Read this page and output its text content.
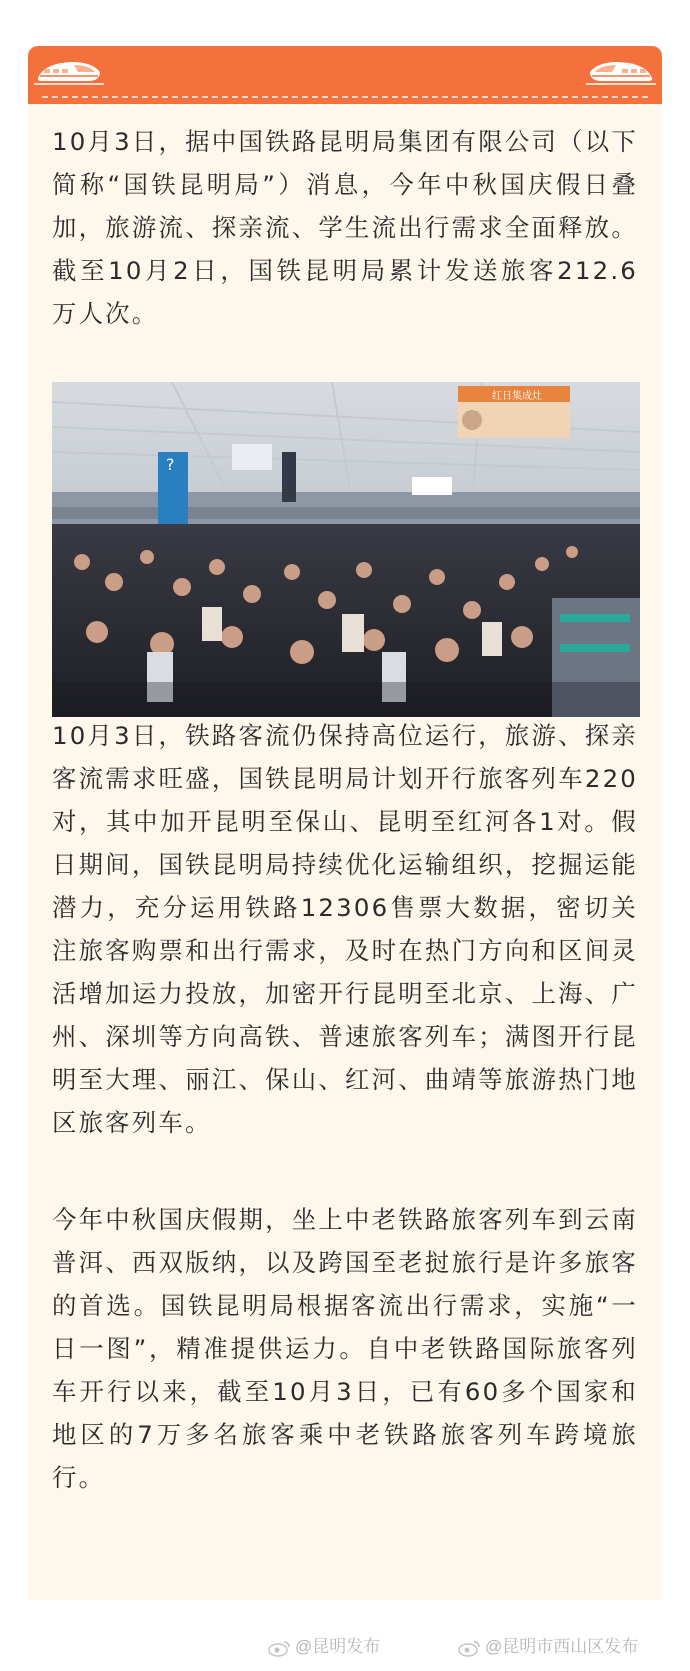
10月3日，据中国铁路昆明局集团有限公司（以下简称“国铁昆明局”）消息，今年中秋国庆假日叠加，旅游流、探亲流、学生流出行需求全面释放。截至10月2日，国铁昆明局累计发送旅客212.6万人次。

红日集成灶
?

10月3日，铁路客流仍保持高位运行，旅游、探亲客流需求旺盛，国铁昆明局计划开行旅客列车220对，其中加开昆明至保山、昆明至红河各1对。假日期间，国铁昆明局持续优化运输组织，挖掘运能潜力，充分运用铁路12306售票大数据，密切关注旅客购票和出行需求，及时在热门方向和区间灵活增加运力投放，加密开行昆明至北京、上海、广州、深圳等方向高铁、普速旅客列车；满图开行昆明至大理、丽江、保山、红河、曲靖等旅游热门地区旅客列车。

今年中秋国庆假期，坐上中老铁路旅客列车到云南普洱、西双版纳，以及跨国至老挝旅行是许多旅客的首选。国铁昆明局根据客流出行需求，实施“一日一图”，精准提供运力。自中老铁路国际旅客列车开行以来，截至10月3日，已有60多个国家和地区的7万多名旅客乘中老铁路旅客列车跨境旅行。

@昆明发布	@昆明市西山区发布
